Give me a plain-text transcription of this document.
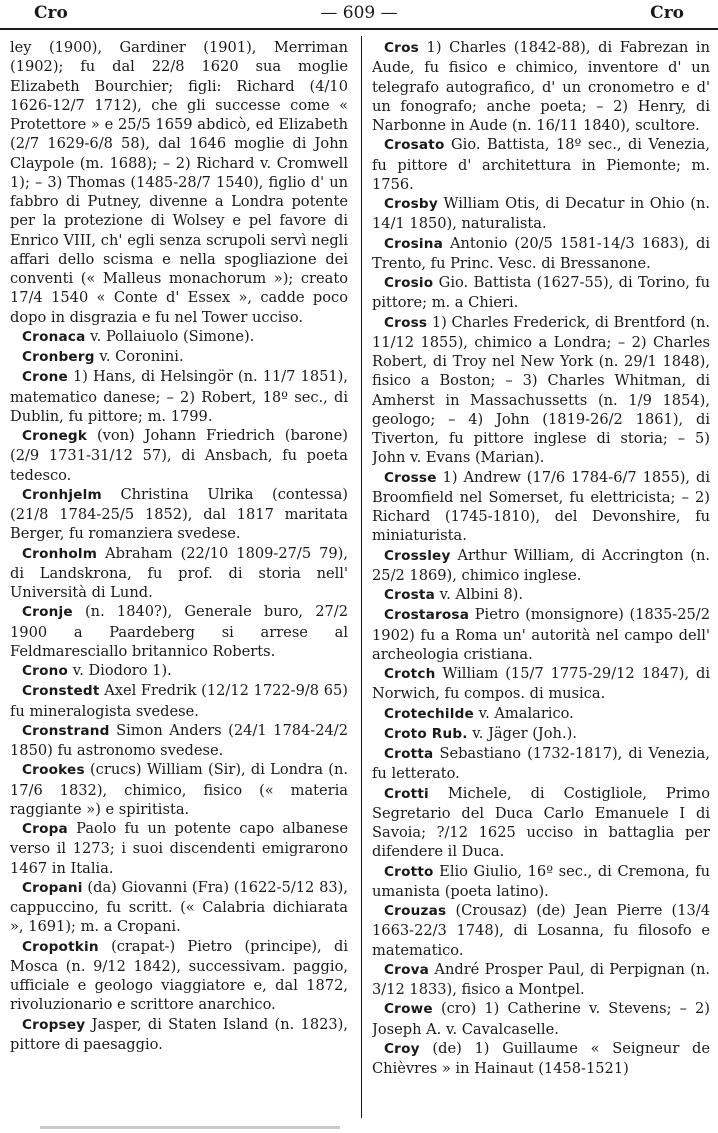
Cro	— 609 —	Cro

ley (1900), Gardiner (1901), Merriman (1902); fu dal 22/8 1620 sua moglie Elizabeth Bourchier; figli: Richard (4/10 1626-12/7 1712), che gli successe come « Protettore » e 25/5 1659 abdicò, ed Elizabeth (2/7 1629-6/8 58), dal 1646 moglie di John Claypole (m. 1688); – 2) Richard v. Cromwell 1); – 3) Thomas (1485-28/7 1540), figlio d' un fabbro di Putney, divenne a Londra potente per la protezione di Wolsey e pel favore di Enrico VIII, ch' egli senza scrupoli servì negli affari dello scisma e nella spogliazione dei conventi (« Malleus monachorum »); creato 17/4 1540 « Conte d' Essex », cadde poco dopo in disgrazia e fu nel Tower ucciso.

Cronaca v. Pollaiuolo (Simone).

Cronberg v. Coronini.

Crone 1) Hans, di Helsingör (n. 11/7 1851), matematico danese; – 2) Robert, 18º sec., di Dublin, fu pittore; m. 1799.

Cronegk (von) Johann Friedrich (barone) (2/9 1731-31/12 57), di Ansbach, fu poeta tedesco.

Cronhjelm Christina Ulrika (contessa) (21/8 1784-25/5 1852), dal 1817 maritata Berger, fu romanziera svedese.

Cronholm Abraham (22/10 1809-27/5 79), di Landskrona, fu prof. di storia nell' Università di Lund.

Cronje (n. 1840?), Generale buro, 27/2 1900 a Paardeberg si arrese al Feldmaresciallo britannico Roberts.

Crono v. Diodoro 1).

Cronstedt Axel Fredrik (12/12 1722-9/8 65) fu mineralogista svedese.

Cronstrand Simon Anders (24/1 1784-24/2 1850) fu astronomo svedese.

Crookes (crucs) William (Sir), di Londra (n. 17/6 1832), chimico, fisico (« materia raggiante ») e spiritista.

Cropa Paolo fu un potente capo albanese verso il 1273; i suoi discendenti emigrarono 1467 in Italia.

Cropani (da) Giovanni (Fra) (1622-5/12 83), cappuccino, fu scritt. (« Calabria dichiarata », 1691); m. a Cropani.

Cropotkin (crapat-) Pietro (principe), di Mosca (n. 9/12 1842), successivam. paggio, ufficiale e geologo viaggiatore e, dal 1872, rivoluzionario e scrittore anarchico.

Cropsey Jasper, di Staten Island (n. 1823), pittore di paesaggio.

Cros 1) Charles (1842-88), di Fabrezan in Aude, fu fisico e chimico, inventore d' un telegrafo autografico, d' un cronometro e d' un fonografo; anche poeta; – 2) Henry, di Narbonne in Aude (n. 16/11 1840), scultore.

Crosato Gio. Battista, 18º sec., di Venezia, fu pittore d' architettura in Piemonte; m. 1756.

Crosby William Otis, di Decatur in Ohio (n. 14/1 1850), naturalista.

Crosina Antonio (20/5 1581-14/3 1683), di Trento, fu Princ. Vesc. di Bressanone.

Crosio Gio. Battista (1627-55), di Torino, fu pittore; m. a Chieri.

Cross 1) Charles Frederick, di Brentford (n. 11/12 1855), chimico a Londra; – 2) Charles Robert, di Troy nel New York (n. 29/1 1848), fisico a Boston; – 3) Charles Whitman, di Amherst in Massachussetts (n. 1/9 1854), geologo; – 4) John (1819-26/2 1861), di Tiverton, fu pittore inglese di storia; – 5) John v. Evans (Marian).

Crosse 1) Andrew (17/6 1784-6/7 1855), di Broomfield nel Somerset, fu elettricista; – 2) Richard (1745-1810), del Devonshire, fu miniaturista.

Crossley Arthur William, di Accrington (n. 25/2 1869), chimico inglese.

Crosta v. Albini 8).

Crostarosa Pietro (monsignore) (1835-25/2 1902) fu a Roma un' autorità nel campo dell' archeologia cristiana.

Crotch William (15/7 1775-29/12 1847), di Norwich, fu compos. di musica.

Crotechilde v. Amalarico.

Croto Rub. v. Jäger (Joh.).

Crotta Sebastiano (1732-1817), di Venezia, fu letterato.

Crotti Michele, di Costigliole, Primo Segretario del Duca Carlo Emanuele I di Savoia; ?/12 1625 ucciso in battaglia per difendere il Duca.

Crotto Elio Giulio, 16º sec., di Cremona, fu umanista (poeta latino).

Crouzas (Crousaz) (de) Jean Pierre (13/4 1663-22/3 1748), di Losanna, fu filosofo e matematico.

Crova André Prosper Paul, di Perpignan (n. 3/12 1833), fisico a Montpel.

Crowe (cro) 1) Catherine v. Stevens; – 2) Joseph A. v. Cavalcaselle.

Croy (de) 1) Guillaume « Seigneur de Chièvres » in Hainaut (1458-1521)
